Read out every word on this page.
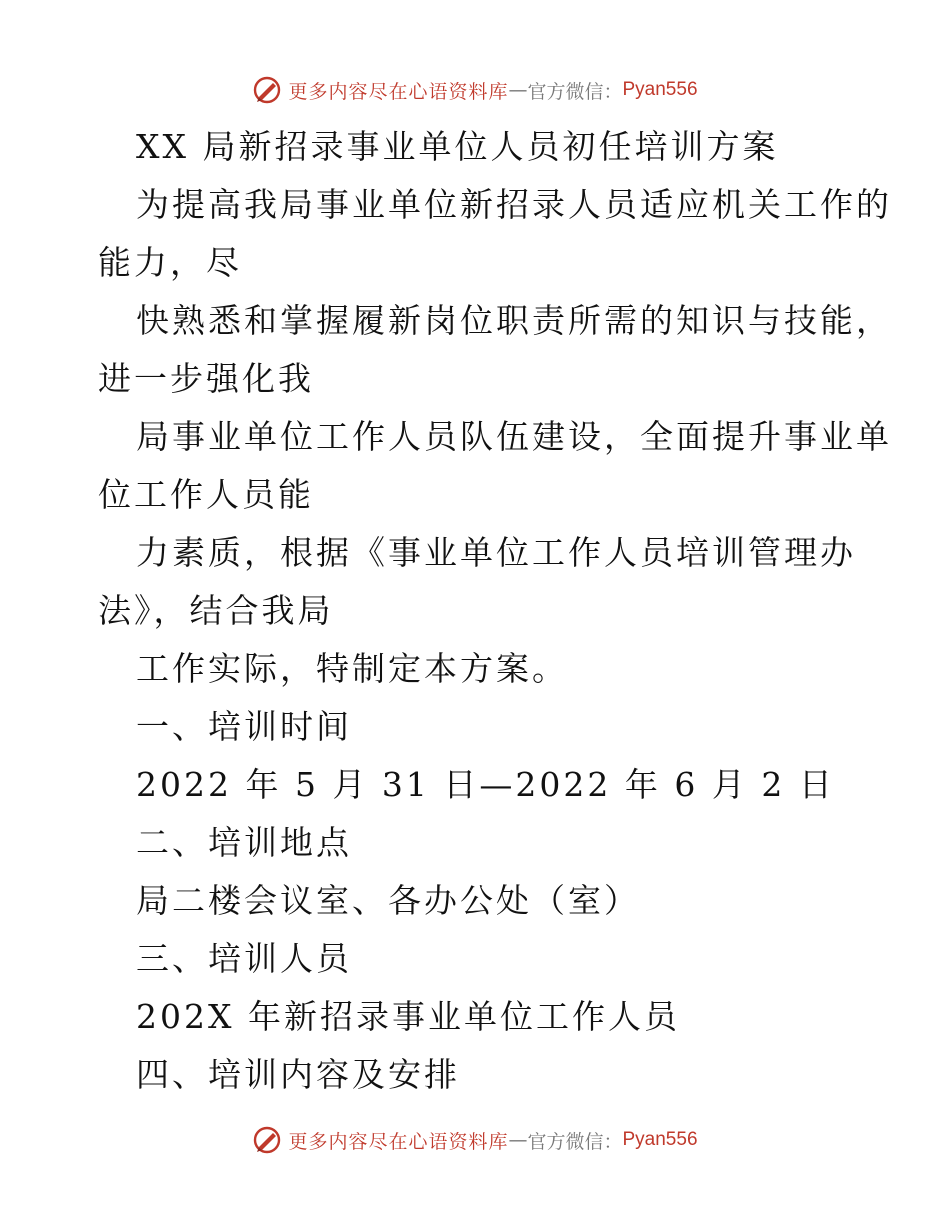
更多内容尽在心语资料库 — 官方微信： Pyan556
XX 局新招录事业单位人员初任培训方案
为提高我局事业单位新招录人员适应机关工作的
能力，尽
快熟悉和掌握履新岗位职责所需的知识与技能，
进一步强化我
局事业单位工作人员队伍建设，全面提升事业单
位工作人员能
力素质，根据《事业单位工作人员培训管理办
法》，结合我局
工作实际，特制定本方案。
一、培训时间
2022 年 5 月 31 日—2022 年 6 月 2 日
二、培训地点
局二楼会议室、各办公处（室）
三、培训人员
202X 年新招录事业单位工作人员
四、培训内容及安排
更多内容尽在心语资料库 — 官方微信： Pyan556
